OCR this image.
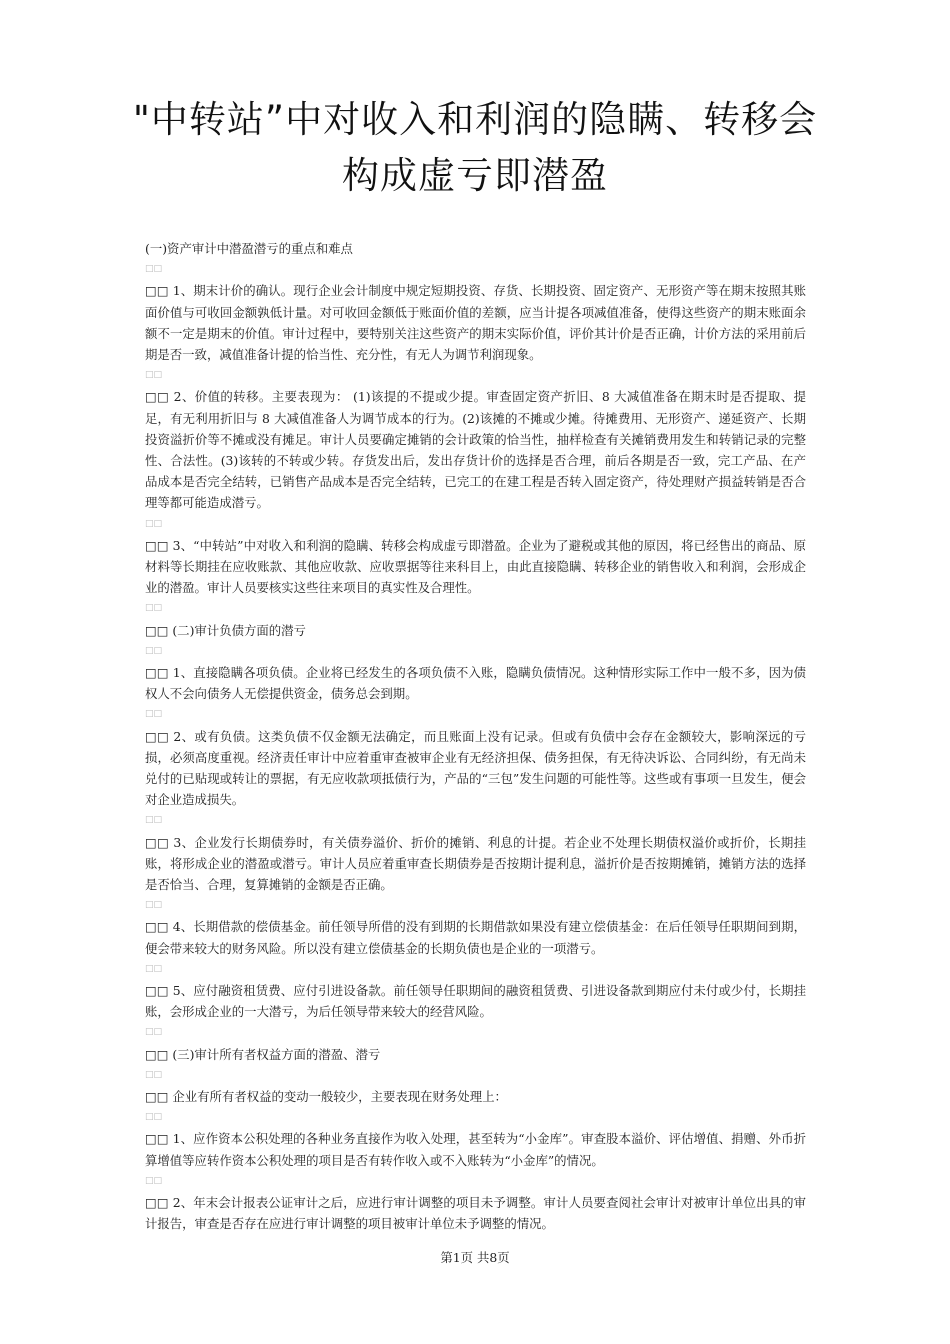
"中转站”中对收入和利润的隐瞒、转移会
构成虚亏即潜盈

(一)资产审计中潜盈潜亏的重点和难点

□□

□□ 1、期末计价的确认。现行企业会计制度中规定短期投资、存货、长期投资、固定资产、无形资产等在期末按照其账面价值与可收回金额孰低计量。对可收回金额低于账面价值的差额，应当计提各项减值准备，使得这些资产的期末账面余额不一定是期末的价值。审计过程中，要特别关注这些资产的期末实际价值，评价其计价是否正确，计价方法的采用前后期是否一致，减值准备计提的恰当性、充分性，有无人为调节利润现象。

□□

□□ 2、价值的转移。主要表现为： (1)该提的不提或少提。审查固定资产折旧、8 大减值准备在期末时是否提取、提足，有无利用折旧与 8 大减值准备人为调节成本的行为。(2)该摊的不摊或少摊。待摊费用、无形资产、递延资产、长期投资溢折价等不摊或没有摊足。审计人员要确定摊销的会计政策的恰当性，抽样检查有关摊销费用发生和转销记录的完整性、合法性。(3)该转的不转或少转。存货发出后，发出存货计价的选择是否合理，前后各期是否一致，完工产品、在产品成本是否完全结转，已销售产品成本是否完全结转，已完工的在建工程是否转入固定资产，待处理财产损益转销是否合理等都可能造成潜亏。

□□

□□ 3、“中转站”中对收入和利润的隐瞒、转移会构成虚亏即潜盈。企业为了避税或其他的原因，将已经售出的商品、原材料等长期挂在应收账款、其他应收款、应收票据等往来科目上，由此直接隐瞒、转移企业的销售收入和利润，会形成企业的潜盈。审计人员要核实这些往来项目的真实性及合理性。

□□

□□ (二)审计负债方面的潜亏

□□

□□ 1、直接隐瞒各项负债。企业将已经发生的各项负债不入账，隐瞒负债情况。这种情形实际工作中一般不多，因为债权人不会向债务人无偿提供资金，债务总会到期。

□□

□□ 2、或有负债。这类负债不仅金额无法确定，而且账面上没有记录。但或有负债中会存在金额较大，影响深远的亏损，必须高度重视。经济责任审计中应着重审查被审企业有无经济担保、债务担保，有无待决诉讼、合同纠纷，有无尚未兑付的已贴现或转让的票据，有无应收款项抵债行为，产品的“三包”发生问题的可能性等。这些或有事项一旦发生，便会对企业造成损失。

□□

□□ 3、企业发行长期债券时，有关债券溢价、折价的摊销、利息的计提。若企业不处理长期债权溢价或折价，长期挂账，将形成企业的潜盈或潜亏。审计人员应着重审查长期债券是否按期计提利息，溢折价是否按期摊销，摊销方法的选择是否恰当、合理，复算摊销的金额是否正确。

□□

□□ 4、长期借款的偿债基金。前任领导所借的没有到期的长期借款如果没有建立偿债基金：在后任领导任职期间到期，便会带来较大的财务风险。所以没有建立偿债基金的长期负债也是企业的一项潜亏。

□□

□□ 5、应付融资租赁费、应付引进设备款。前任领导任职期间的融资租赁费、引进设备款到期应付未付或少付，长期挂账，会形成企业的一大潜亏，为后任领导带来较大的经营风险。

□□

□□ (三)审计所有者权益方面的潜盈、潜亏

□□

□□ 企业有所有者权益的变动一般较少，主要表现在财务处理上：

□□

□□ 1、应作资本公积处理的各种业务直接作为收入处理，甚至转为“小金库”。审查股本溢价、评估增值、捐赠、外币折算增值等应转作资本公积处理的项目是否有转作收入或不入账转为“小金库”的情况。

□□

□□ 2、年末会计报表公证审计之后，应进行审计调整的项目未予调整。审计人员要查阅社会审计对被审计单位出具的审计报告，审查是否存在应进行审计调整的项目被审计单位未予调整的情况。

第1页 共8页
